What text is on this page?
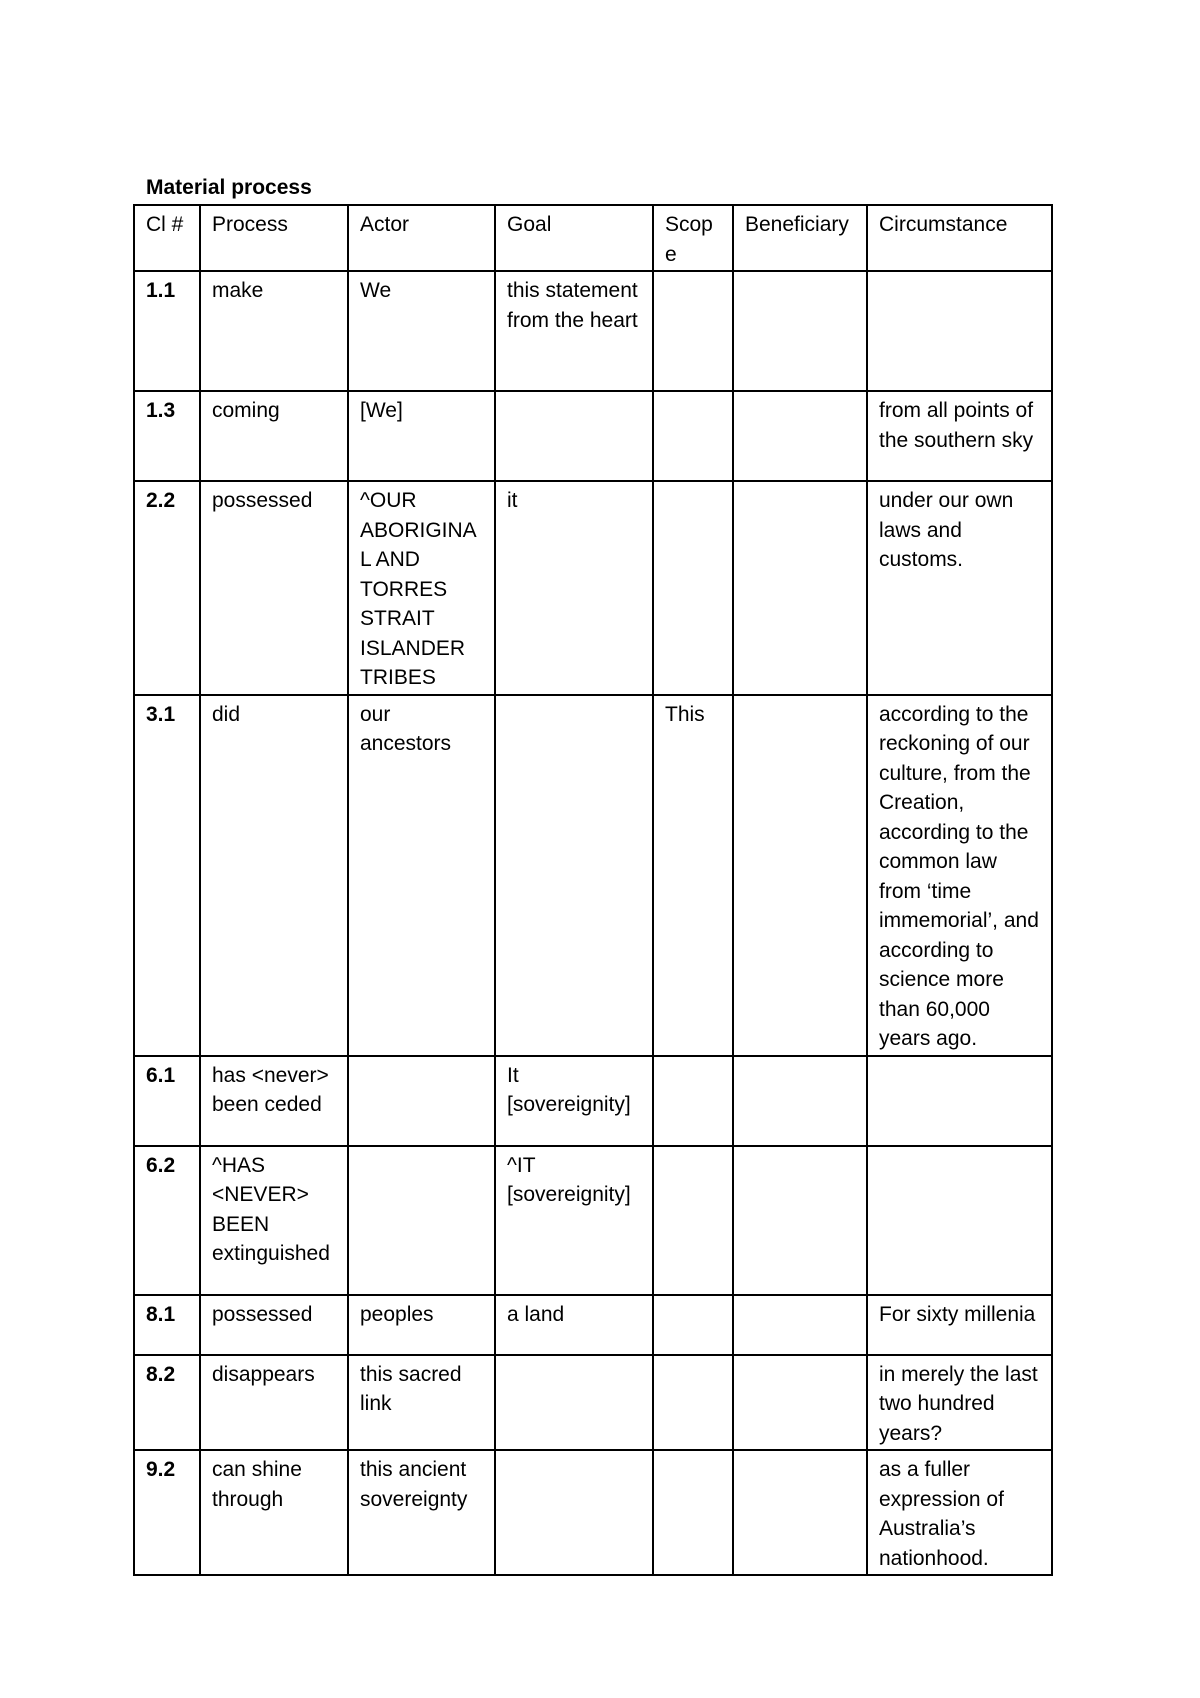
Material process

Cl #	Process	Actor	Goal	Scope	Beneficiary	Circumstance
1.1	make	We	this statement from the heart			
1.3	coming	[We]				from all points of the southern sky
2.2	possessed	^OUR ABORIGINAL AND TORRES STRAIT ISLANDER TRIBES	it			under our own laws and customs.
3.1	did	our ancestors		This		according to the reckoning of our culture, from the Creation, according to the common law from ‘time immemorial’, and according to science more than 60,000 years ago.
6.1	has <never> been ceded		It [sovereignity]			
6.2	^HAS <NEVER> BEEN extinguished		^IT [sovereignity]			
8.1	possessed	peoples	a land			For sixty millenia
8.2	disappears	this sacred link				in merely the last two hundred years?
9.2	can shine through	this ancient sovereignty				as a fuller expression of Australia’s nationhood.
